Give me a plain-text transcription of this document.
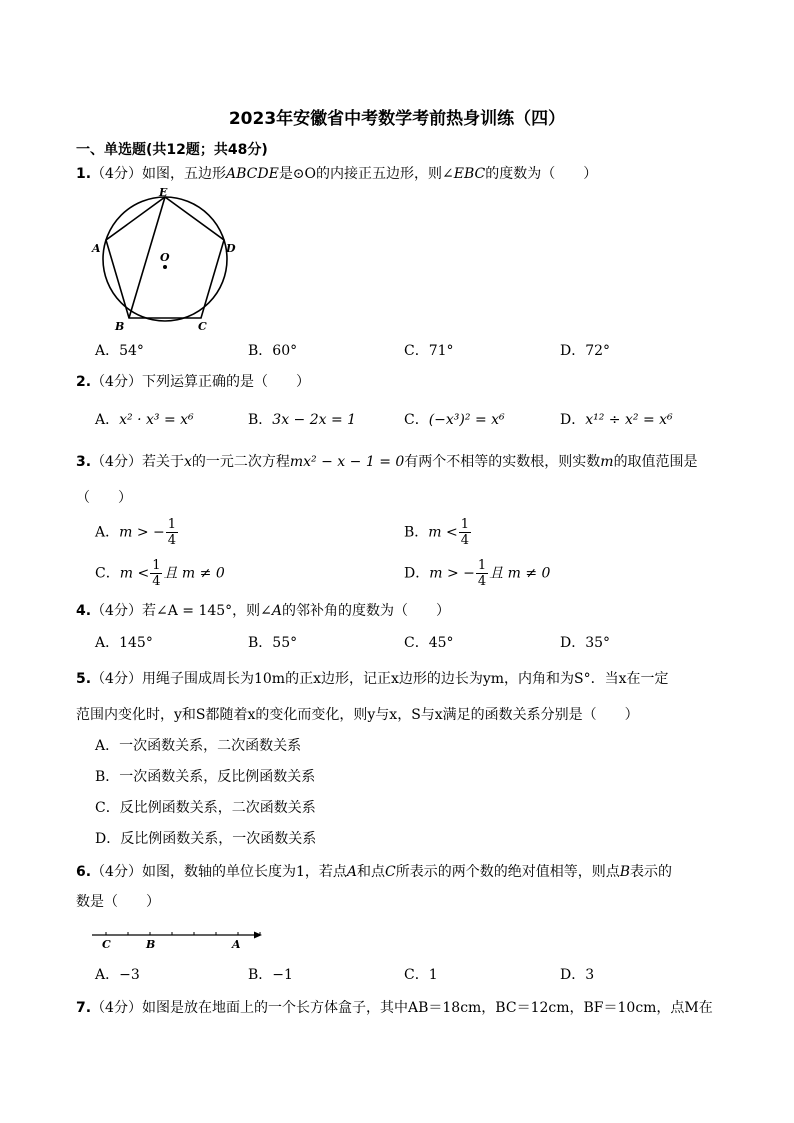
2023年安徽省中考数学考前热身训练（四）
一、单选题(共12题；共48分)
1.（4分）如图，五边形ABCDE是⊙O的内接正五边形，则∠EBC的度数为（　　）
E
D
A
O
B	C
A．54°	B．60°	C．71°	D．72°
2.（4分）下列运算正确的是（　　）
A．x² · x³ = x⁶	B．3x − 2x = 1	C．(−x³)² = x⁶	D．x¹² ÷ x² = x⁶
3.（4分）若关于x的一元二次方程mx² − x − 1 = 0有两个不相等的实数根，则实数m的取值范围是
（　　）
A．m > − $\frac{1}{4}$	B．$m < \frac{1}{4}$
C．$m < \frac{1}{4}$ 且 m ≠ 0	D．m > − $\frac{1}{4}$ 且 m ≠ 0
4.（4分）若∠A = 145°，则∠A的邻补角的度数为（　　）
A．145°	B．55°	C．45°	D．35°
5.（4分）用绳子围成周长为10m的正x边形，记正x边形的边长为ym，内角和为S°．当x在一定
范围内变化时，y和S都随着x的变化而变化，则y与x，S与x满足的函数关系分别是（　　）
A．一次函数关系，二次函数关系
B．一次函数关系，反比例函数关系
C．反比例函数关系，二次函数关系
D．反比例函数关系，一次函数关系
6.（4分）如图，数轴的单位长度为1，若点A和点C所表示的两个数的绝对值相等，则点B表示的
数是（　　）
C	B	A
A．−3	B．−1	C．1	D．3
7.（4分）如图是放在地面上的一个长方体盒子，其中AB＝18cm，BC＝12cm，BF＝10cm，点M在
